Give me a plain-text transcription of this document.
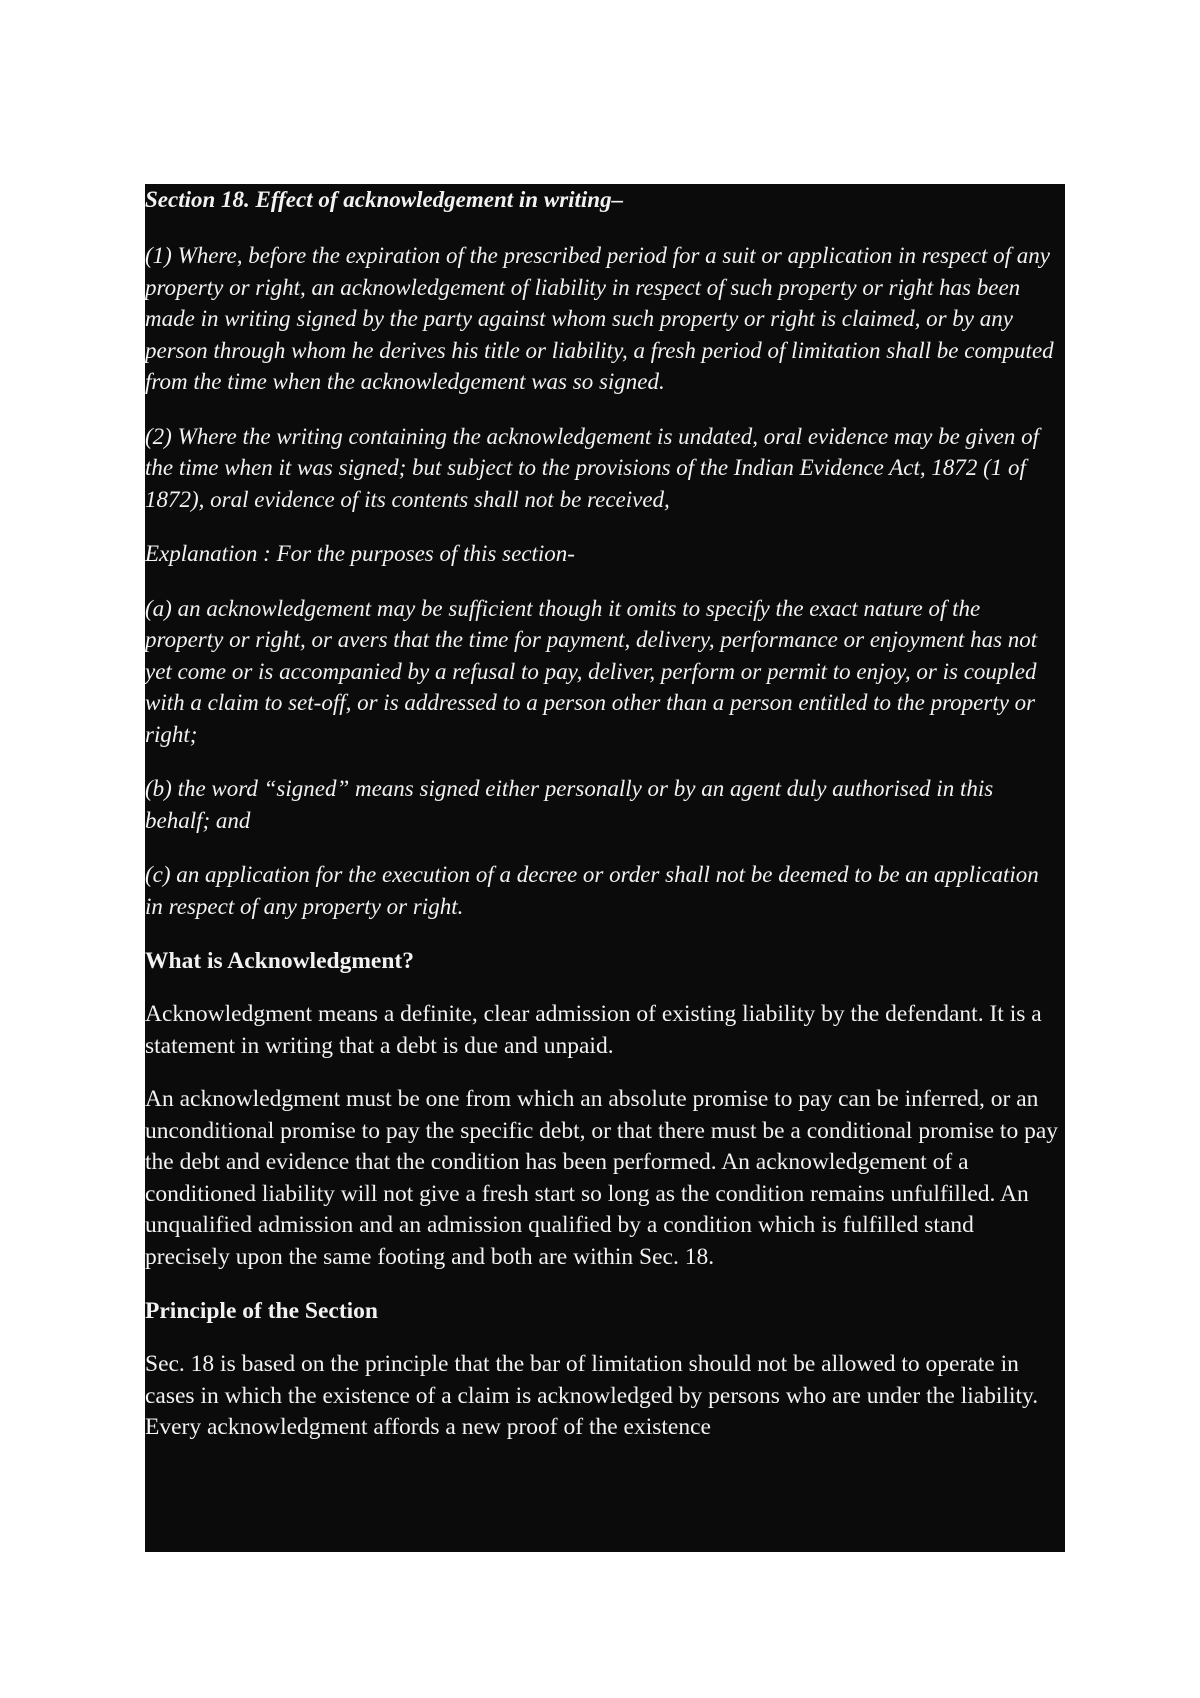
Section 18. Effect of acknowledgement in writing–

(1) Where, before the expiration of the prescribed period for a suit or application in respect of any property or right, an acknowledgement of liability in respect of such property or right has been made in writing signed by the party against whom such property or right is claimed, or by any person through whom he derives his title or liability, a fresh period of limitation shall be computed from the time when the acknowledgement was so signed.

(2) Where the writing containing the acknowledgement is undated, oral evidence may be given of the time when it was signed; but subject to the provisions of the Indian Evidence Act, 1872 (1 of 1872), oral evidence of its contents shall not be received,

Explanation : For the purposes of this section-

(a) an acknowledgement may be sufficient though it omits to specify the exact nature of the property or right, or avers that the time for payment, delivery, performance or enjoyment has not yet come or is accompanied by a refusal to pay, deliver, perform or permit to enjoy, or is coupled with a claim to set-off, or is addressed to a person other than a person entitled to the property or right;

(b) the word “signed” means signed either personally or by an agent duly authorised in this behalf; and

(c) an application for the execution of a decree or order shall not be deemed to be an application in respect of any property or right.

What is Acknowledgment?

Acknowledgment means a definite, clear admission of existing liability by the defendant. It is a statement in writing that a debt is due and unpaid.

An acknowledgment must be one from which an absolute promise to pay can be inferred, or an unconditional promise to pay the specific debt, or that there must be a conditional promise to pay the debt and evidence that the condition has been performed. An acknowledgement of a conditioned liability will not give a fresh start so long as the condition remains unfulfilled. An unqualified admission and an admission qualified by a condition which is fulfilled stand precisely upon the same footing and both are within Sec. 18.

Principle of the Section

Sec. 18 is based on the principle that the bar of limitation should not be allowed to operate in cases in which the existence of a claim is acknowledged by persons who are under the liability. Every acknowledgment affords a new proof of the existence
